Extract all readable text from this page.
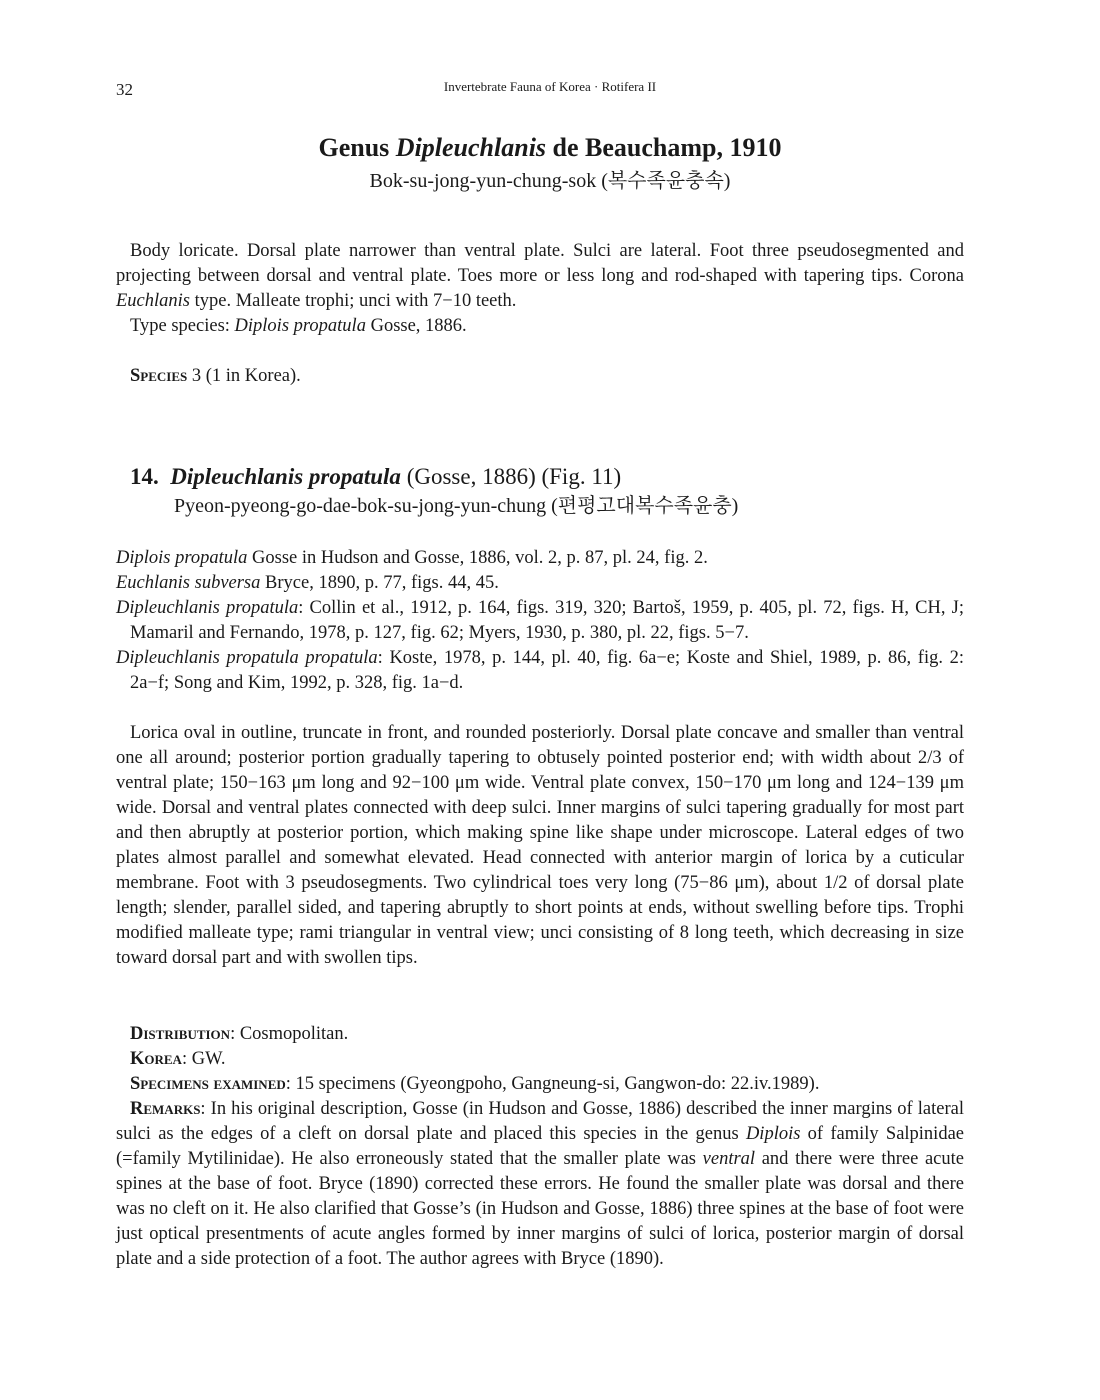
32	Invertebrate Fauna of Korea · Rotifera II
Genus Dipleuchlanis de Beauchamp, 1910
Bok-su-jong-yun-chung-sok (복수족윤충속)

Body loricate. Dorsal plate narrower than ventral plate. Sulci are lateral. Foot three pseudosegmented and projecting between dorsal and ventral plate. Toes more or less long and rod-shaped with tapering tips. Corona Euchlanis type. Malleate trophi; unci with 7−10 teeth.

Type species: Diplois propatula Gosse, 1886.

Species 3 (1 in Korea).

14. Dipleuchlanis propatula (Gosse, 1886) (Fig. 11)
Pyeon-pyeong-go-dae-bok-su-jong-yun-chung (편평고대복수족윤충)

Diplois propatula Gosse in Hudson and Gosse, 1886, vol. 2, p. 87, pl. 24, fig. 2.

Euchlanis subversa Bryce, 1890, p. 77, figs. 44, 45.

Dipleuchlanis propatula: Collin et al., 1912, p. 164, figs. 319, 320; Bartoš, 1959, p. 405, pl. 72, figs. H, CH, J; Mamaril and Fernando, 1978, p. 127, fig. 62; Myers, 1930, p. 380, pl. 22, figs. 5−7.

Dipleuchlanis propatula propatula: Koste, 1978, p. 144, pl. 40, fig. 6a−e; Koste and Shiel, 1989, p. 86, fig. 2: 2a−f; Song and Kim, 1992, p. 328, fig. 1a−d.

Lorica oval in outline, truncate in front, and rounded posteriorly. Dorsal plate concave and smaller than ventral one all around; posterior portion gradually tapering to obtusely pointed posterior end; with width about 2/3 of ventral plate; 150−163 μm long and 92−100 μm wide. Ventral plate convex, 150−170 μm long and 124−139 μm wide. Dorsal and ventral plates connected with deep sulci. Inner margins of sulci tapering gradually for most part and then abruptly at posterior portion, which making spine like shape under microscope. Lateral edges of two plates almost parallel and somewhat elevated. Head connected with anterior margin of lorica by a cuticular membrane. Foot with 3 pseudosegments. Two cylindrical toes very long (75−86 μm), about 1/2 of dorsal plate length; slender, parallel sided, and tapering abruptly to short points at ends, without swelling before tips. Trophi modified malleate type; rami triangular in ventral view; unci consisting of 8 long teeth, which decreasing in size toward dorsal part and with swollen tips.

Distribution: Cosmopolitan.

Korea: GW.

Specimens examined: 15 specimens (Gyeongpoho, Gangneung-si, Gangwon-do: 22.iv.1989).

Remarks: In his original description, Gosse (in Hudson and Gosse, 1886) described the inner margins of lateral sulci as the edges of a cleft on dorsal plate and placed this species in the genus Diplois of family Salpinidae (=family Mytilinidae). He also erroneously stated that the smaller plate was ventral and there were three acute spines at the base of foot. Bryce (1890) corrected these errors. He found the smaller plate was dorsal and there was no cleft on it. He also clarified that Gosse’s (in Hudson and Gosse, 1886) three spines at the base of foot were just optical presentments of acute angles formed by inner margins of sulci of lorica, posterior margin of dorsal plate and a side protection of a foot. The author agrees with Bryce (1890).
